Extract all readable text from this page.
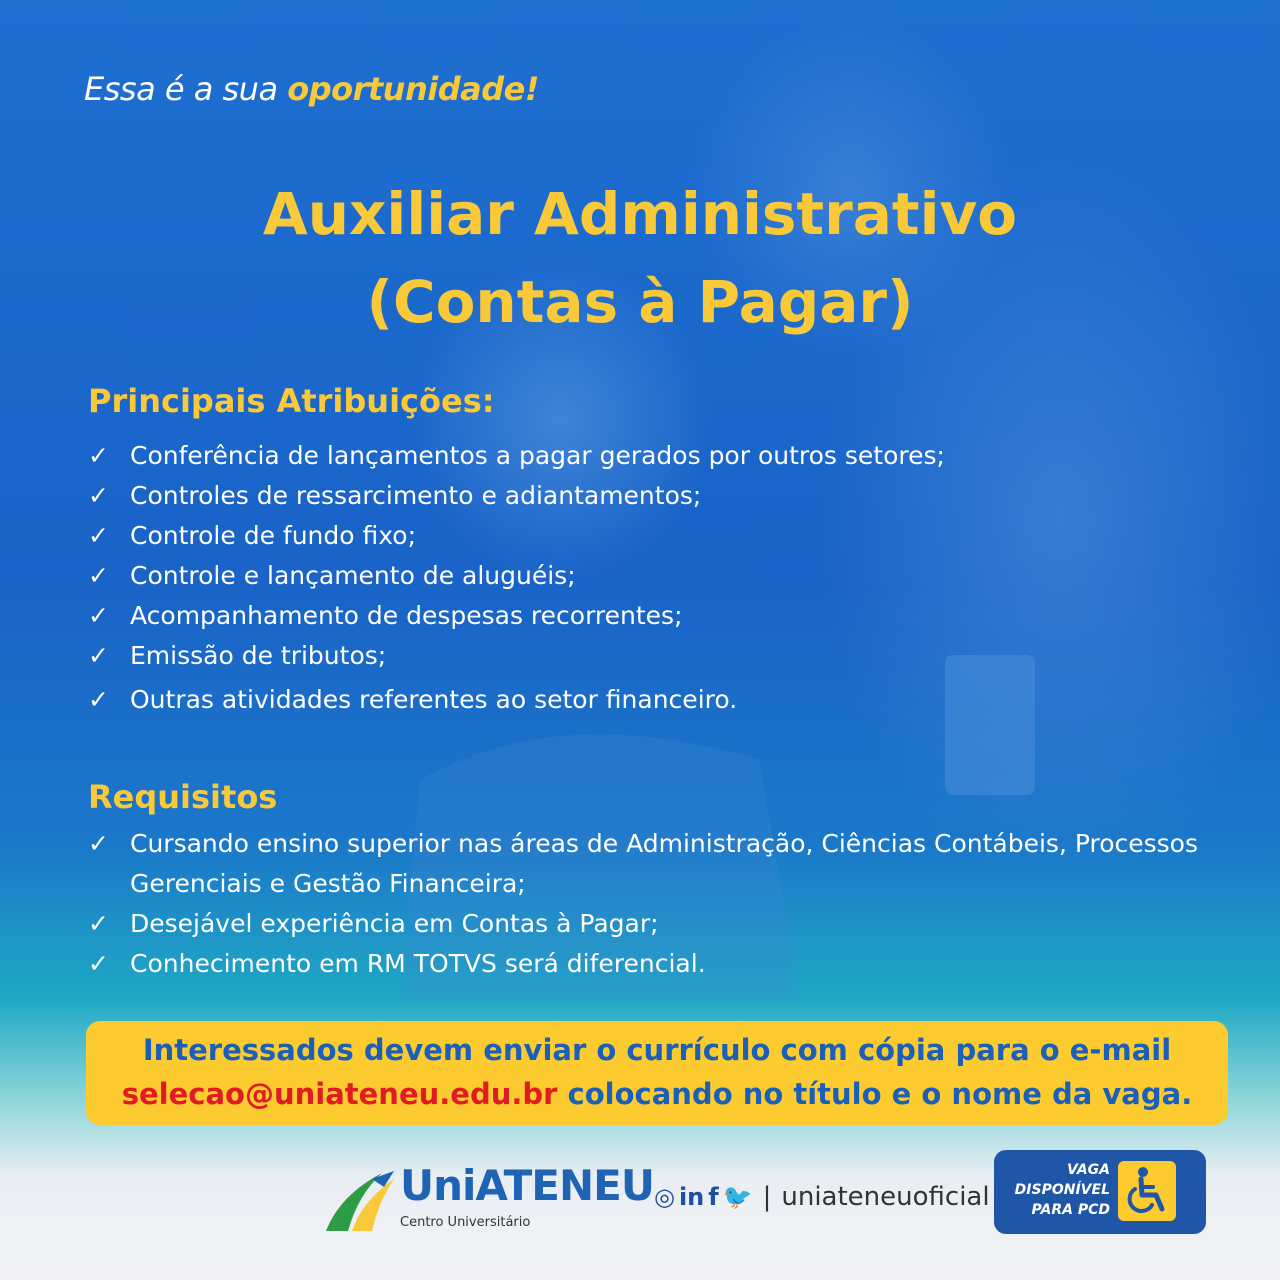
Essa é a sua oportunidade!

Auxiliar Administrativo
(Contas à Pagar)
Principais Atribuições:
✓ Conferência de lançamentos a pagar gerados por outros setores;
✓ Controles de ressarcimento e adiantamentos;
✓ Controle de fundo fixo;
✓ Controle e lançamento de aluguéis;
✓ Acompanhamento de despesas recorrentes;
✓ Emissão de tributos;
✓ Outras atividades referentes ao setor financeiro.
Requisitos
✓ Cursando ensino superior nas áreas de Administração, Ciências Contábeis, Processos Gerenciais e Gestão Financeira;
✓ Desejável experiência em Contas à Pagar;
✓ Conhecimento em RM TOTVS será diferencial.
Interessados devem enviar o currículo com cópia para o e-mail
selecao@uniateneu.edu.br colocando no título e o nome da vaga.
UniATENEU
Centro Universitário
◎ in f 🐦 | uniateneuoficial
VAGA
DISPONÍVEL
PARA PCD
